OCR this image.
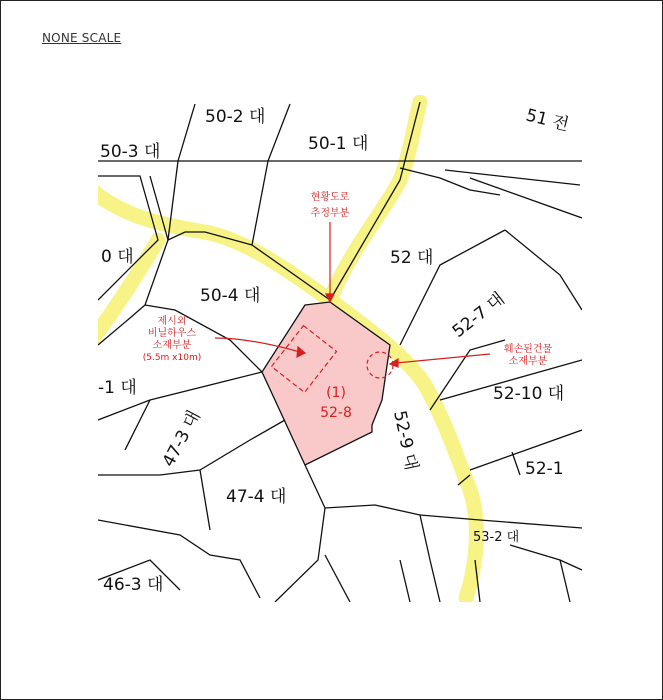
NONE SCALE
50-2 대
50-1 대
51 전
50-3 대
0 대	52 대
50-4 대	52-7 대
-1 대	52-10 대
47-3 대	52-9 대	52-1
47-4 대
53-2 대
46-3 대
(1)
52-8
현황도로
추정부분
제시외
비닐하우스
소재부분
(5.5m x10m)
훼손된건물
소재부분
